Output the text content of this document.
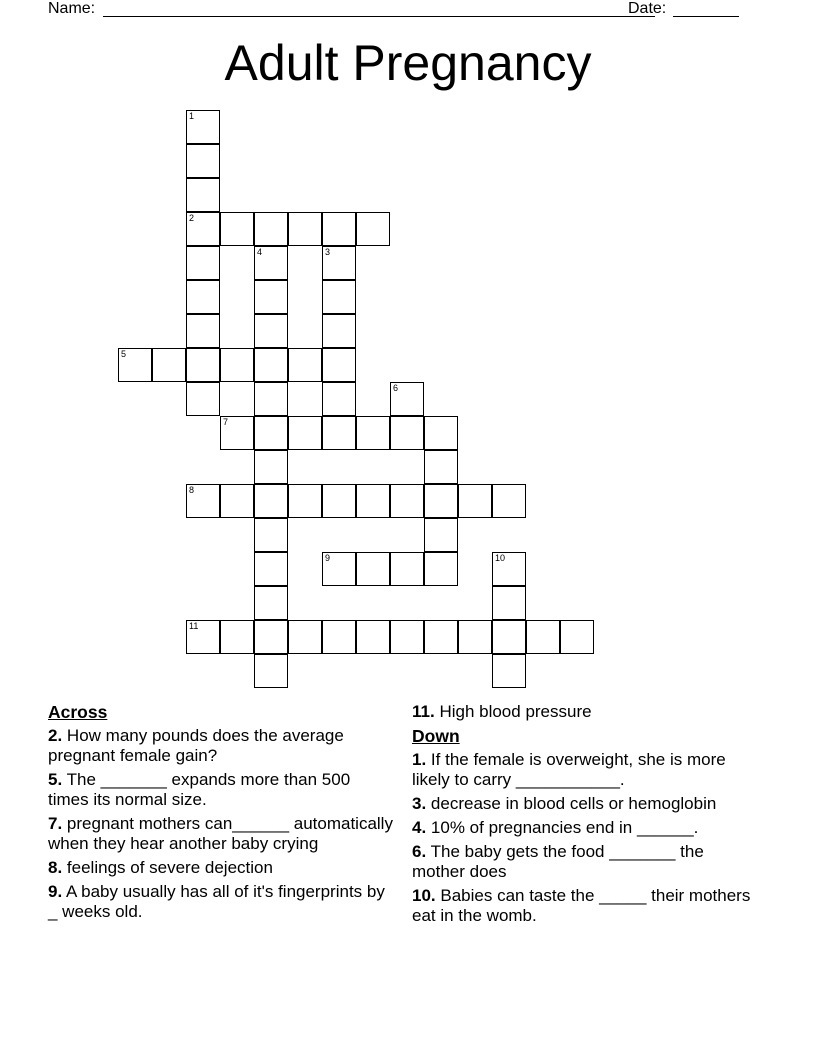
Name:	Date:
Adult Pregnancy
1
2
4	3
5
6
7
8
9	10
11
Across
2. How many pounds does the average pregnant female gain?
5. The _______ expands more than 500 times its normal size.
7. pregnant mothers can______ automatically when they hear another baby crying
8. feelings of severe dejection
9. A baby usually has all of it's fingerprints by _ weeks old.
11. High blood pressure
Down
1. If the female is overweight, she is more likely to carry ___________.
3. decrease in blood cells or hemoglobin
4. 10% of pregnancies end in ______.
6. The baby gets the food _______ the mother does
10. Babies can taste the _____ their mothers eat in the womb.
